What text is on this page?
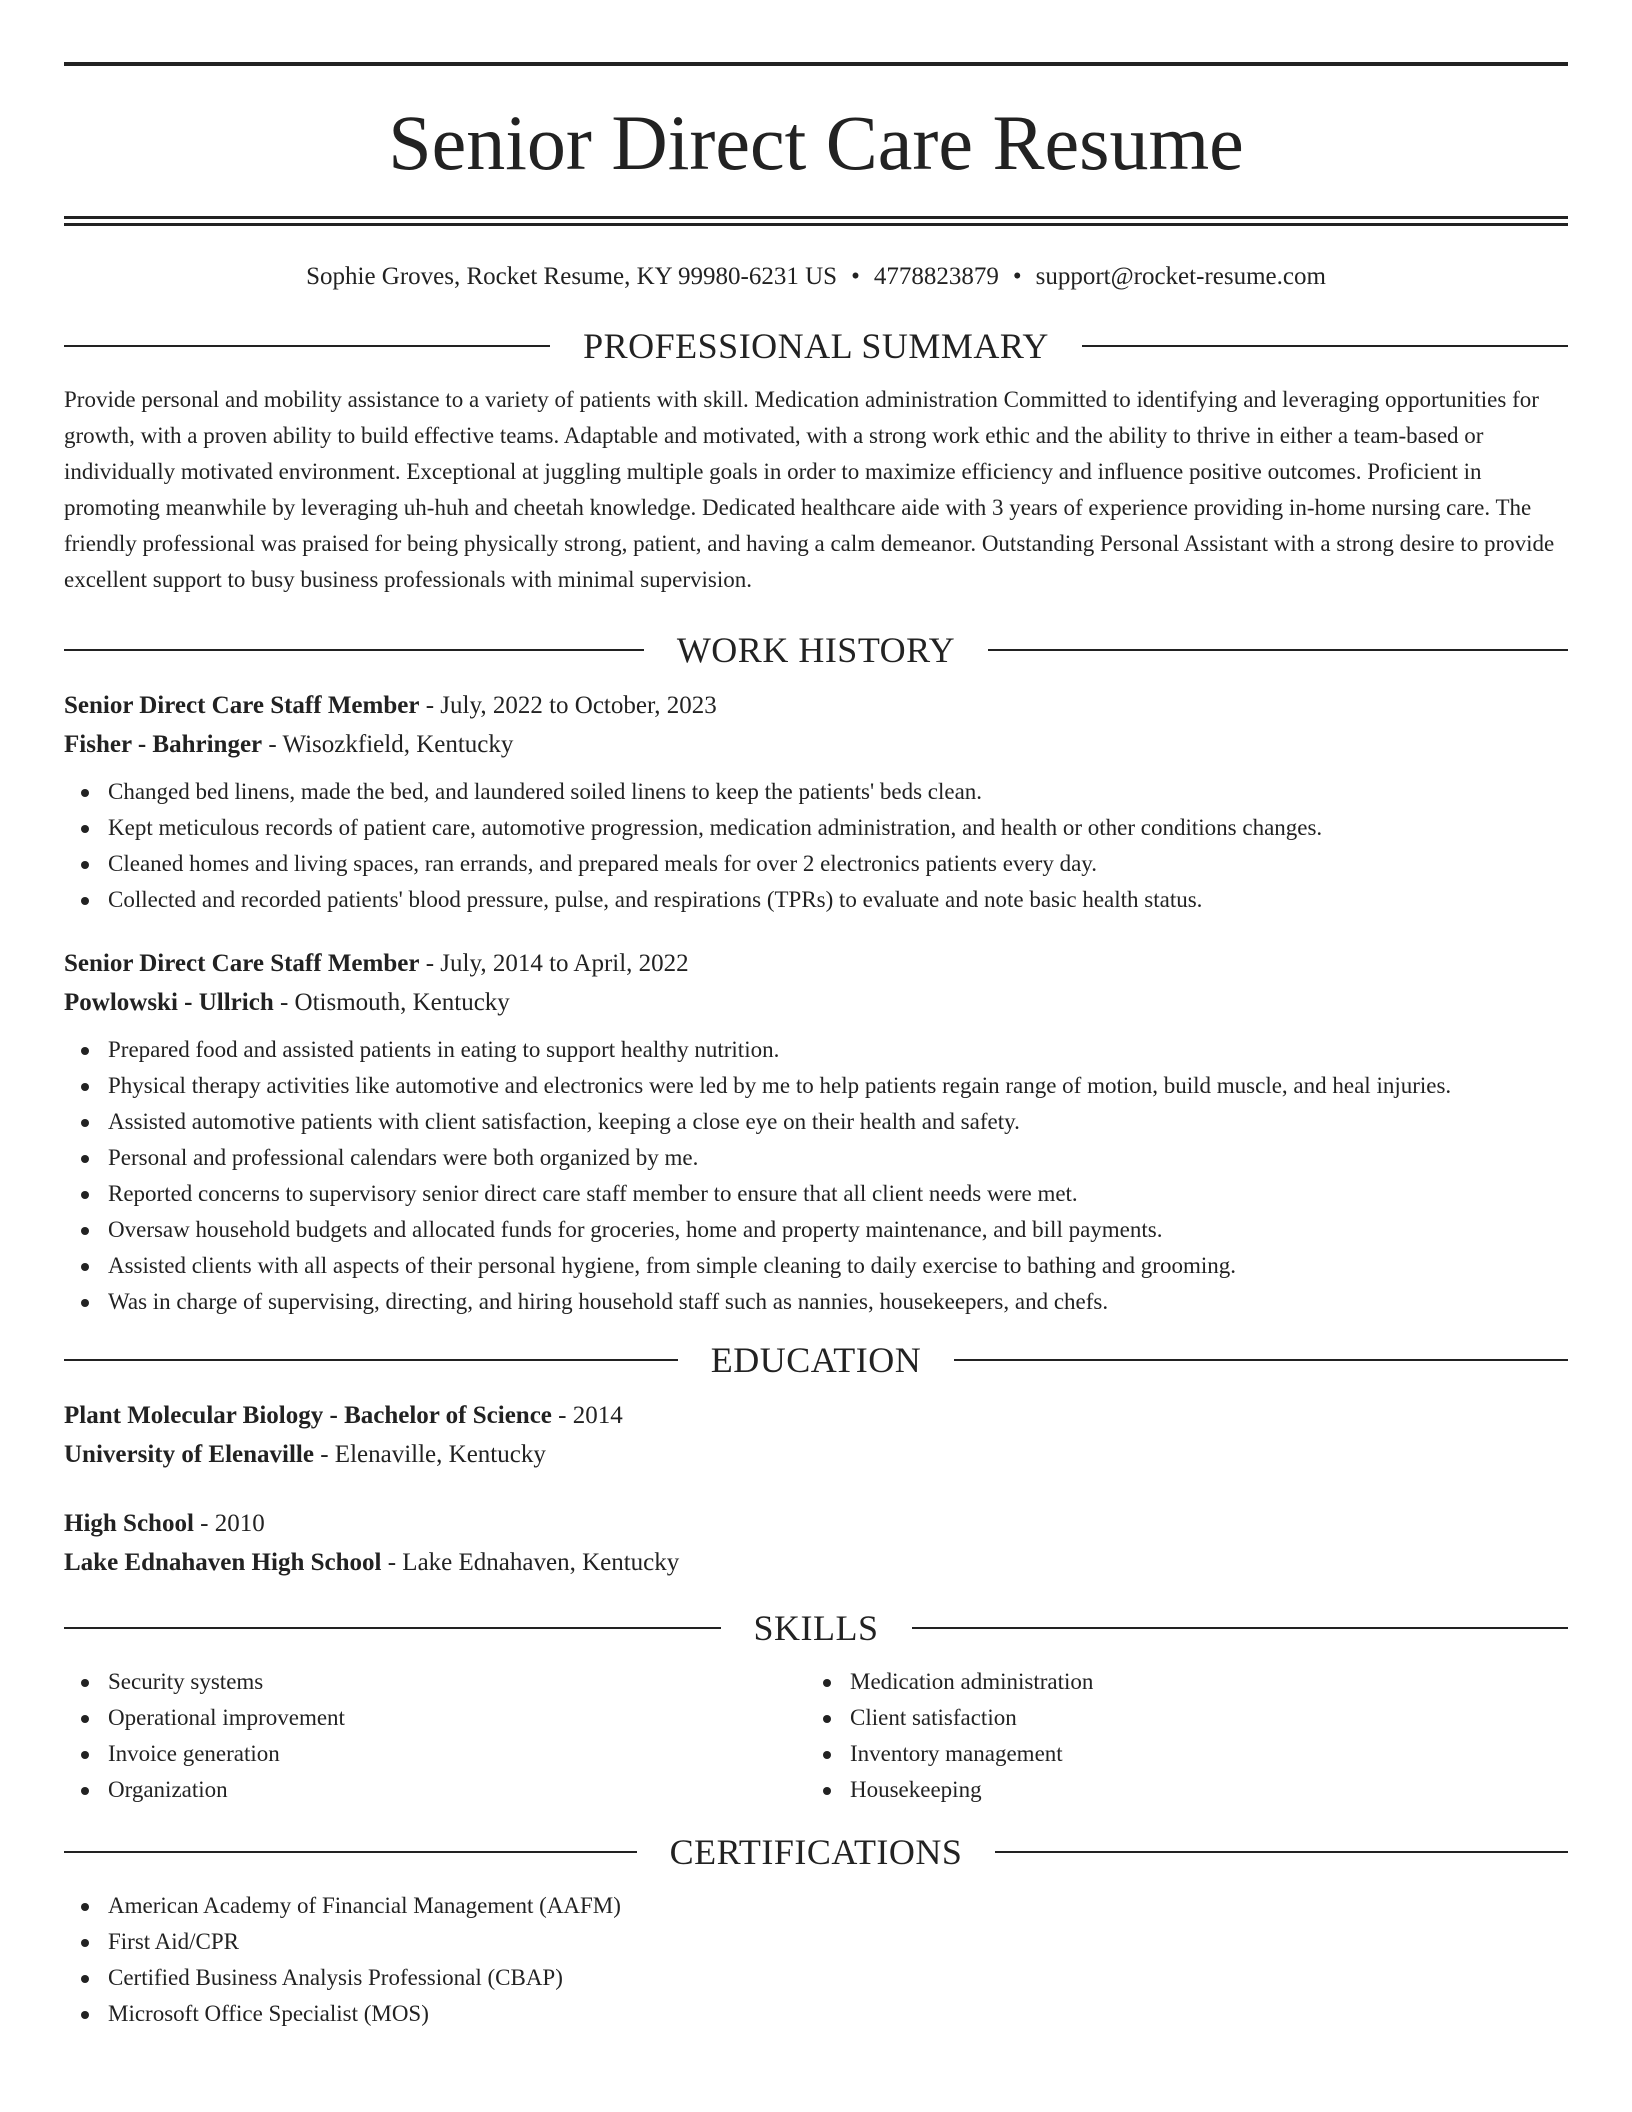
Senior Direct Care Resume
Sophie Groves, Rocket Resume, KY 99980-6231 US • 4778823879 • support@rocket-resume.com
PROFESSIONAL SUMMARY

Provide personal and mobility assistance to a variety of patients with skill. Medication administration Committed to identifying and leveraging opportunities for growth, with a proven ability to build effective teams. Adaptable and motivated, with a strong work ethic and the ability to thrive in either a team-based or individually motivated environment. Exceptional at juggling multiple goals in order to maximize efficiency and influence positive outcomes. Proficient in promoting meanwhile by leveraging uh-huh and cheetah knowledge. Dedicated healthcare aide with 3 years of experience providing in-home nursing care. The friendly professional was praised for being physically strong, patient, and having a calm demeanor. Outstanding Personal Assistant with a strong desire to provide excellent support to busy business professionals with minimal supervision.

WORK HISTORY
Senior Direct Care Staff Member - July, 2022 to October, 2023
Fisher - Bahringer - Wisozkfield, Kentucky
Changed bed linens, made the bed, and laundered soiled linens to keep the patients' beds clean.
Kept meticulous records of patient care, automotive progression, medication administration, and health or other conditions changes.
Cleaned homes and living spaces, ran errands, and prepared meals for over 2 electronics patients every day.
Collected and recorded patients' blood pressure, pulse, and respirations (TPRs) to evaluate and note basic health status.
Senior Direct Care Staff Member - July, 2014 to April, 2022
Powlowski - Ullrich - Otismouth, Kentucky
Prepared food and assisted patients in eating to support healthy nutrition.
Physical therapy activities like automotive and electronics were led by me to help patients regain range of motion, build muscle, and heal injuries.
Assisted automotive patients with client satisfaction, keeping a close eye on their health and safety.
Personal and professional calendars were both organized by me.
Reported concerns to supervisory senior direct care staff member to ensure that all client needs were met.
Oversaw household budgets and allocated funds for groceries, home and property maintenance, and bill payments.
Assisted clients with all aspects of their personal hygiene, from simple cleaning to daily exercise to bathing and grooming.
Was in charge of supervising, directing, and hiring household staff such as nannies, housekeepers, and chefs.
EDUCATION
Plant Molecular Biology - Bachelor of Science - 2014
University of Elenaville - Elenaville, Kentucky
High School - 2010
Lake Ednahaven High School - Lake Ednahaven, Kentucky
SKILLS
Security systems
Operational improvement
Invoice generation
Organization
Medication administration
Client satisfaction
Inventory management
Housekeeping
CERTIFICATIONS
American Academy of Financial Management (AAFM)
First Aid/CPR
Certified Business Analysis Professional (CBAP)
Microsoft Office Specialist (MOS)
